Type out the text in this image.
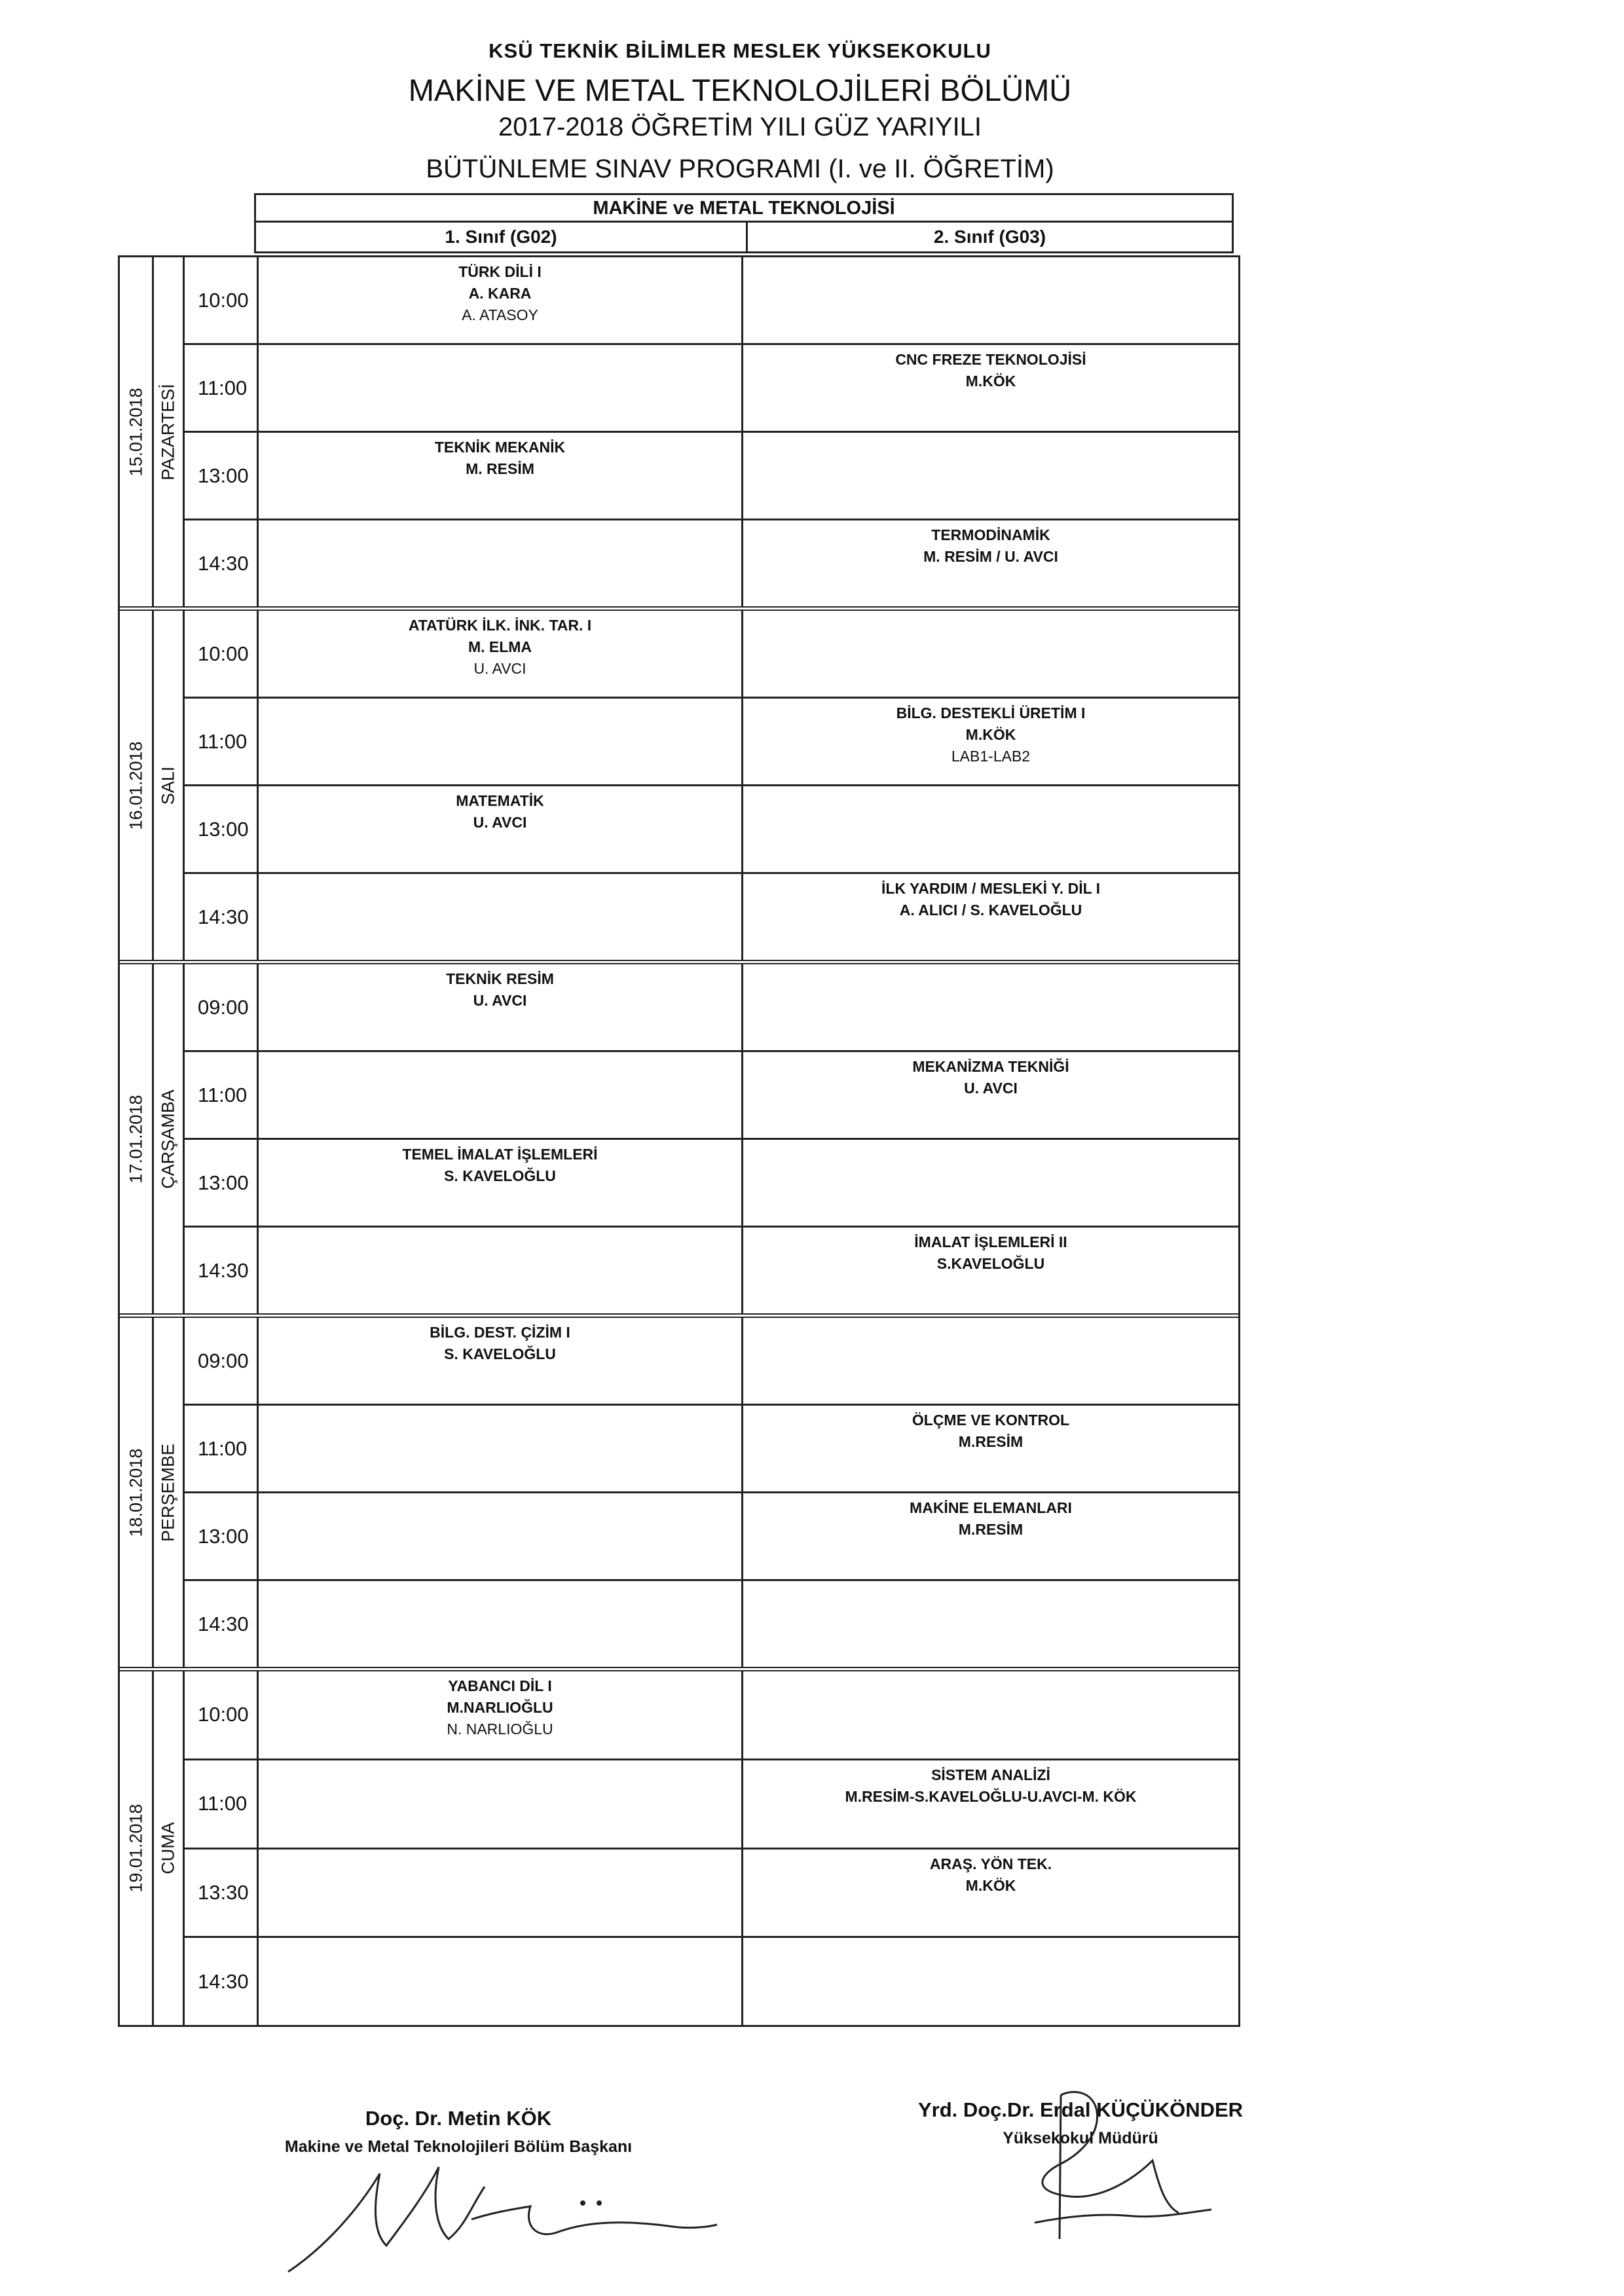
KSÜ TEKNİK BİLİMLER MESLEK YÜKSEKOKULU
MAKİNE VE METAL TEKNOLOJİLERİ BÖLÜMÜ
2017-2018 ÖĞRETİM YILI GÜZ YARIYILI
BÜTÜNLEME SINAV PROGRAMI (I. ve II. ÖĞRETİM)
MAKİNE ve METAL TEKNOLOJİSİ
1. Sınıf (G02)	2. Sınıf (G03)
15.01.2018 PAZARTESİ
10:00
TÜRK DİLİ I
A. KARA
A. ATASOY
11:00
CNC FREZE TEKNOLOJİSİ
M.KÖK
13:00
TEKNİK MEKANİK
M. RESİM
14:30
TERMODİNAMİK
M. RESİM / U. AVCI
16.01.2018 SALI
10:00
ATATÜRK İLK. İNK. TAR. I
M. ELMA
U. AVCI
11:00
BİLG. DESTEKLİ ÜRETİM I
M.KÖK
LAB1-LAB2
13:00
MATEMATİK
U. AVCI
14:30
İLK YARDIM / MESLEKİ Y. DİL I
A. ALICI / S. KAVELOĞLU
17.01.2018 ÇARŞAMBA
09:00
TEKNİK RESİM
U. AVCI
11:00
MEKANİZMA TEKNİĞİ
U. AVCI
13:00
TEMEL İMALAT İŞLEMLERİ
S. KAVELOĞLU
14:30
İMALAT İŞLEMLERİ II
S.KAVELOĞLU
18.01.2018 PERŞEMBE
09:00
BİLG. DEST. ÇİZİM I
S. KAVELOĞLU
11:00
ÖLÇME VE KONTROL
M.RESİM
13:00
MAKİNE ELEMANLARI
M.RESİM
14:30
19.01.2018 CUMA
10:00
YABANCI DİL I
M.NARLIOĞLU
N. NARLIOĞLU
11:00
SİSTEM ANALİZİ
M.RESİM-S.KAVELOĞLU-U.AVCI-M. KÖK
13:30
ARAŞ. YÖN TEK.
M.KÖK
14:30
Doç. Dr. Metin KÖK
Makine ve Metal Teknolojileri Bölüm Başkanı
Yrd. Doç.Dr. Erdal KÜÇÜKÖNDER
Yüksekokul Müdürü
